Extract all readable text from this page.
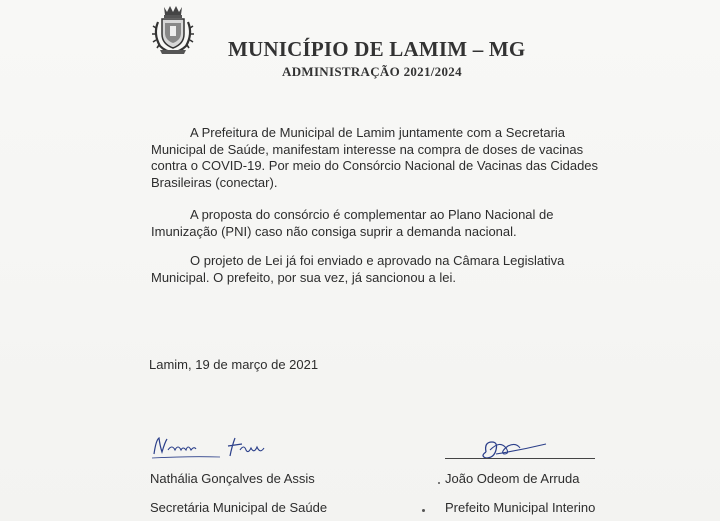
MUNICÍPIO DE LAMIM – MG
ADMINISTRAÇÃO 2021/2024

A Prefeitura de Municipal de Lamim juntamente com a Secretaria Municipal de Saúde, manifestam interesse na compra de doses de vacinas contra o COVID-19. Por meio do Consórcio Nacional de Vacinas das Cidades Brasileiras (conectar).

A proposta do consórcio é complementar ao Plano Nacional de Imunização (PNI) caso não consiga suprir a demanda nacional.

O projeto de Lei já foi enviado e aprovado na Câmara Legislativa Municipal. O prefeito, por sua vez, já sancionou a lei.

Lamim, 19 de março de 2021
Nathália Gonçalves de Assis	João Odeom de Arruda
Secretária Municipal de Saúde	Prefeito Municipal Interino
